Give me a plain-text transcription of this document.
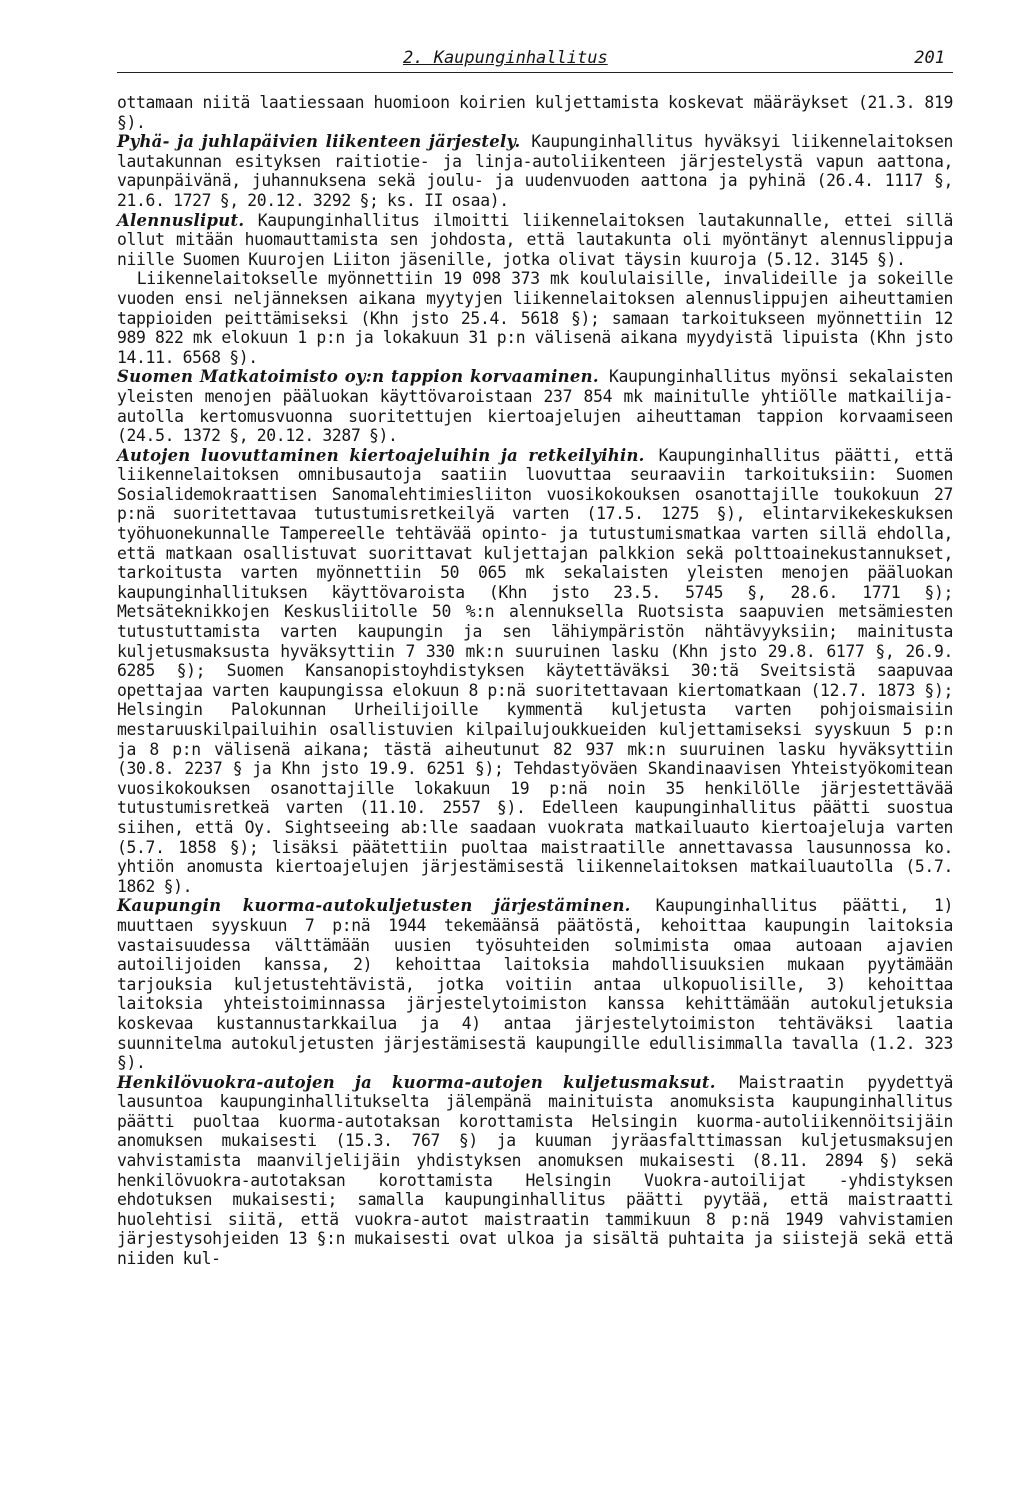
2. Kaupunginhallitus	201

ottamaan niitä laatiessaan huomioon koirien kuljettamista koskevat määräykset (21.3. 819 §).

Pyhä- ja juhlapäivien liikenteen järjestely. Kaupunginhallitus hyväksyi liikennelaitoksen lautakunnan esityksen raitiotie- ja linja-autoliikenteen järjestelystä vapun aattona, vapunpäivänä, juhannuksena sekä joulu- ja uudenvuoden aattona ja pyhinä (26.4. 1117 §, 21.6. 1727 §, 20.12. 3292 §; ks. II osaa).

Alennusliput. Kaupunginhallitus ilmoitti liikennelaitoksen lautakunnalle, ettei sillä ollut mitään huomauttamista sen johdosta, että lautakunta oli myöntänyt alennuslippuja niille Suomen Kuurojen Liiton jäsenille, jotka olivat täysin kuuroja (5.12. 3145 §).

Liikennelaitokselle myönnettiin 19 098 373 mk koululaisille, invalideille ja sokeille vuoden ensi neljänneksen aikana myytyjen liikennelaitoksen alennuslippujen aiheuttamien tappioiden peittämiseksi (Khn jsto 25.4. 5618 §); samaan tarkoitukseen myönnettiin 12 989 822 mk elokuun 1 p:n ja lokakuun 31 p:n välisenä aikana myydyistä lipuista (Khn jsto 14.11. 6568 §).

Suomen Matkatoimisto oy:n tappion korvaaminen. Kaupunginhallitus myönsi sekalaisten yleisten menojen pääluokan käyttövaroistaan 237 854 mk mainitulle yhtiölle matkailija-autolla kertomusvuonna suoritettujen kiertoajelujen aiheuttaman tappion korvaamiseen (24.5. 1372 §, 20.12. 3287 §).

Autojen luovuttaminen kiertoajeluihin ja retkeilyihin. Kaupunginhallitus päätti, että liikennelaitoksen omnibusautoja saatiin luovuttaa seuraaviin tarkoituksiin: Suomen Sosialidemokraattisen Sanomalehtimiesliiton vuosikokouksen osanottajille toukokuun 27 p:nä suoritettavaa tutustumisretkeilyä varten (17.5. 1275 §), elintarvikekeskuksen työhuonekunnalle Tampereelle tehtävää opinto- ja tutustumismatkaa varten sillä ehdolla, että matkaan osallistuvat suorittavat kuljettajan palkkion sekä polttoainekustannukset, tarkoitusta varten myönnettiin 50 065 mk sekalaisten yleisten menojen pääluokan kaupunginhallituksen käyttövaroista (Khn jsto 23.5. 5745 §, 28.6. 1771 §); Metsäteknikkojen Keskusliitolle 50 %:n alennuksella Ruotsista saapuvien metsämiesten tutustuttamista varten kaupungin ja sen lähiympäristön nähtävyyksiin; mainitusta kuljetusmaksusta hyväksyttiin 7 330 mk:n suuruinen lasku (Khn jsto 29.8. 6177 §, 26.9. 6285 §); Suomen Kansanopistoyhdistyksen käytettäväksi 30:tä Sveitsistä saapuvaa opettajaa varten kaupungissa elokuun 8 p:nä suoritettavaan kiertomatkaan (12.7. 1873 §); Helsingin Palokunnan Urheilijoille kymmentä kuljetusta varten pohjoismaisiin mestaruuskilpailuihin osallistuvien kilpailujoukkueiden kuljettamiseksi syyskuun 5 p:n ja 8 p:n välisenä aikana; tästä aiheutunut 82 937 mk:n suuruinen lasku hyväksyttiin (30.8. 2237 § ja Khn jsto 19.9. 6251 §); Tehdastyöväen Skandinaavisen Yhteistyökomitean vuosikokouksen osanottajille lokakuun 19 p:nä noin 35 henkilölle järjestettävää tutustumisretkeä varten (11.10. 2557 §). Edelleen kaupunginhallitus päätti suostua siihen, että Oy. Sightseeing ab:lle saadaan vuokrata matkailuauto kiertoajeluja varten (5.7. 1858 §); lisäksi päätettiin puoltaa maistraatille annettavassa lausunnossa ko. yhtiön anomusta kiertoajelujen järjestämisestä liikennelaitoksen matkailuautolla (5.7. 1862 §).

Kaupungin kuorma-autokuljetusten järjestäminen. Kaupunginhallitus päätti, 1) muuttaen syyskuun 7 p:nä 1944 tekemäänsä päätöstä, kehoittaa kaupungin laitoksia vastaisuudessa välttämään uusien työsuhteiden solmimista omaa autoaan ajavien autoilijoiden kanssa, 2) kehoittaa laitoksia mahdollisuuksien mukaan pyytämään tarjouksia kuljetustehtävistä, jotka voitiin antaa ulkopuolisille, 3) kehoittaa laitoksia yhteistoiminnassa järjestelytoimiston kanssa kehittämään autokuljetuksia koskevaa kustannustarkkailua ja 4) antaa järjestelytoimiston tehtäväksi laatia suunnitelma autokuljetusten järjestämisestä kaupungille edullisimmalla tavalla (1.2. 323 §).

Henkilövuokra-autojen ja kuorma-autojen kuljetusmaksut. Maistraatin pyydettyä lausuntoa kaupunginhallitukselta jälempänä mainituista anomuksista kaupunginhallitus päätti puoltaa kuorma-autotaksan korottamista Helsingin kuorma-autoliikennöitsijäin anomuksen mukaisesti (15.3. 767 §) ja kuuman jyräasfalttimassan kuljetusmaksujen vahvistamista maanviljelijäin yhdistyksen anomuksen mukaisesti (8.11. 2894 §) sekä henkilövuokra-autotaksan korottamista Helsingin Vuokra-autoilijat -yhdistyksen ehdotuksen mukaisesti; samalla kaupunginhallitus päätti pyytää, että maistraatti huolehtisi siitä, että vuokra-autot maistraatin tammikuun 8 p:nä 1949 vahvistamien järjestysohjeiden 13 §:n mukaisesti ovat ulkoa ja sisältä puhtaita ja siistejä sekä että niiden kul-
